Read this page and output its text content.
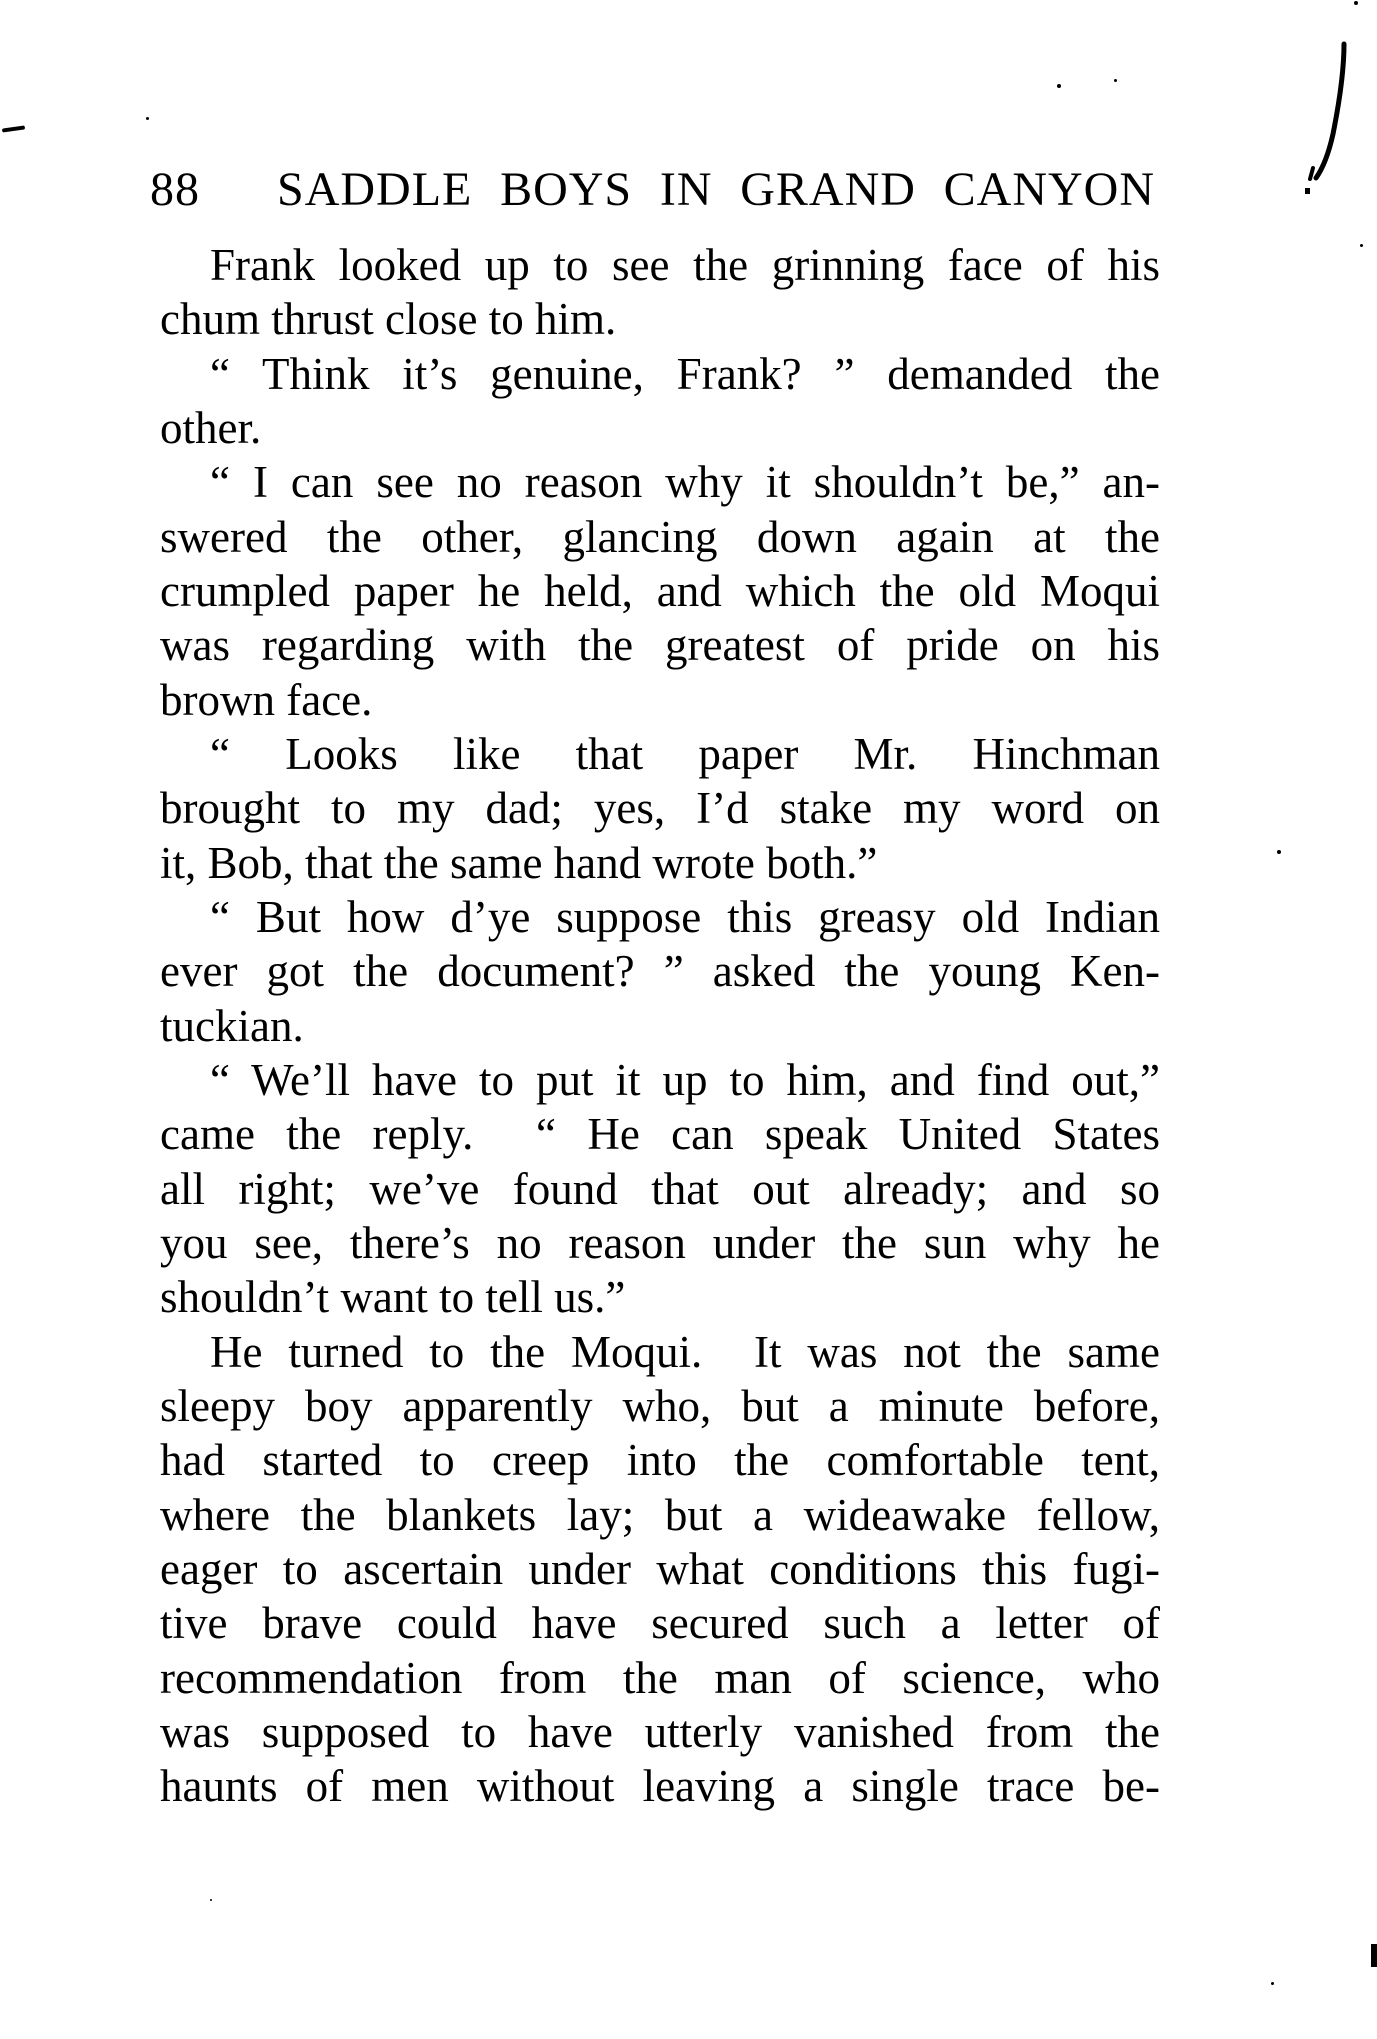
88 SADDLE BOYS IN GRAND CANYON
Frank looked up to see the grinning face of his
chum thrust close to him.
“ Think it’s genuine, Frank? ” demanded the
other.
“ I can see no reason why it shouldn’t be,” an-
swered the other, glancing down again at the
crumpled paper he held, and which the old Moqui
was regarding with the greatest of pride on his
brown face.
“ Looks like that paper Mr. Hinchman
brought to my dad; yes, I’d stake my word on
it, Bob, that the same hand wrote both.”
“ But how d’ye suppose this greasy old Indian
ever got the document? ” asked the young Ken-
tuckian.
“ We’ll have to put it up to him, and find out,”
came the reply.  “ He can speak United States
all right; we’ve found that out already; and so
you see, there’s no reason under the sun why he
shouldn’t want to tell us.”
He turned to the Moqui.  It was not the same
sleepy boy apparently who, but a minute before,
had started to creep into the comfortable tent,
where the blankets lay; but a wideawake fellow,
eager to ascertain under what conditions this fugi-
tive brave could have secured such a letter of
recommendation from the man of science, who
was supposed to have utterly vanished from the
haunts of men without leaving a single trace be-
